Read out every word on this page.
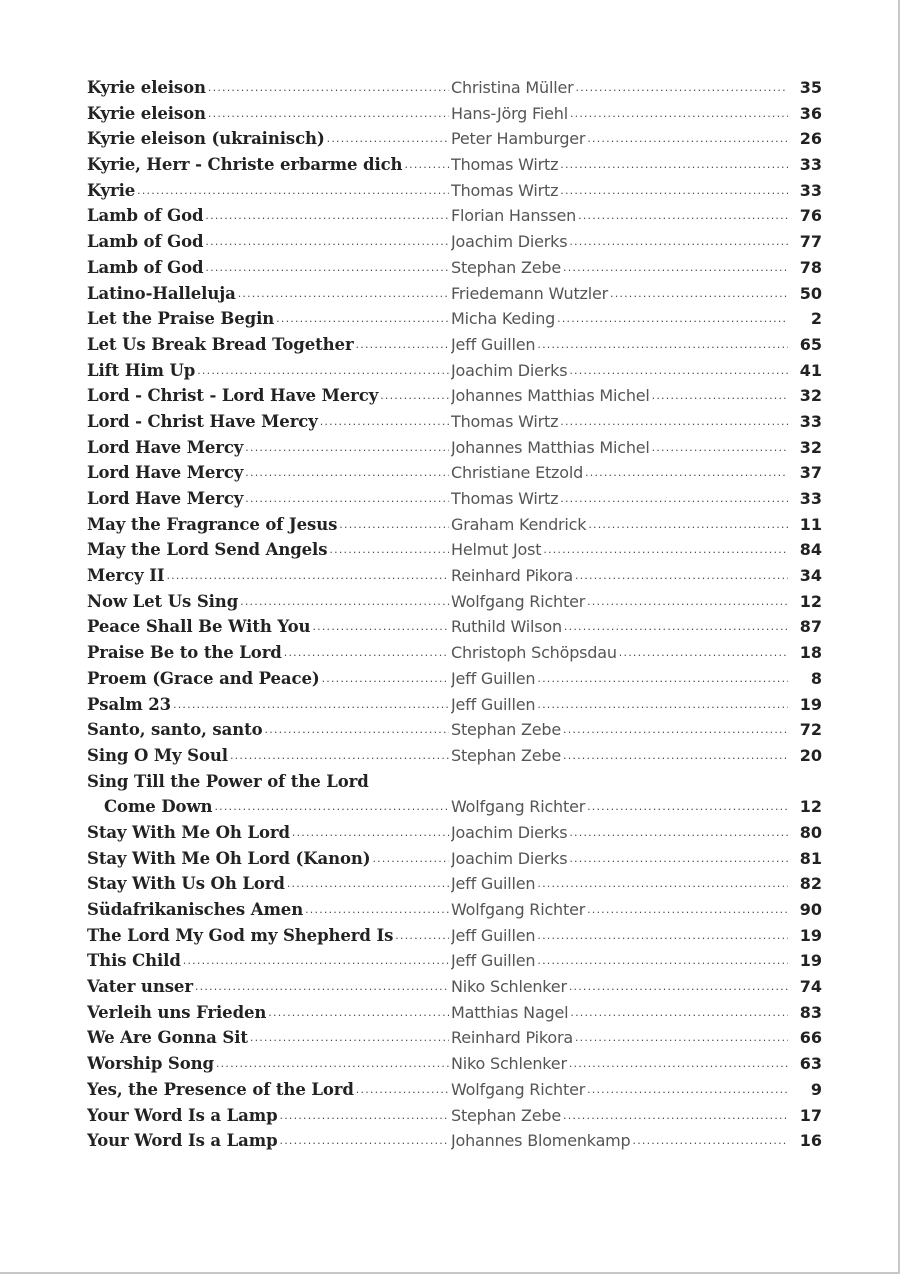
Kyrie eleison .....	Christina Müller .....	35
Kyrie eleison .....	Hans-Jörg Fiehl .....	36
Kyrie eleison (ukrainisch) .....	Peter Hamburger .....	26
Kyrie, Herr - Christe erbarme dich .....	Thomas Wirtz .....	33
Kyrie .....	Thomas Wirtz .....	33
Lamb of God .....	Florian Hanssen .....	76
Lamb of God .....	Joachim Dierks .....	77
Lamb of God .....	Stephan Zebe .....	78
Latino-Halleluja .....	Friedemann Wutzler .....	50
Let the Praise Begin .....	Micha Keding .....	2
Let Us Break Bread Together .....	Jeff Guillen .....	65
Lift Him Up .....	Joachim Dierks .....	41
Lord - Christ - Lord Have Mercy .....	Johannes Matthias Michel .....	32
Lord - Christ Have Mercy .....	Thomas Wirtz .....	33
Lord Have Mercy .....	Johannes Matthias Michel .....	32
Lord Have Mercy .....	Christiane Etzold .....	37
Lord Have Mercy .....	Thomas Wirtz .....	33
May the Fragrance of Jesus .....	Graham Kendrick .....	11
May the Lord Send Angels .....	Helmut Jost .....	84
Mercy II .....	Reinhard Pikora .....	34
Now Let Us Sing .....	Wolfgang Richter .....	12
Peace Shall Be With You .....	Ruthild Wilson .....	87
Praise Be to the Lord .....	Christoph Schöpsdau .....	18
Proem (Grace and Peace) .....	Jeff Guillen .....	8
Psalm 23 .....	Jeff Guillen .....	19
Santo, santo, santo .....	Stephan Zebe .....	72
Sing O My Soul .....	Stephan Zebe .....	20
Sing Till the Power of the Lord
Come Down .....	Wolfgang Richter .....	12
Stay With Me Oh Lord .....	Joachim Dierks .....	80
Stay With Me Oh Lord (Kanon) .....	Joachim Dierks .....	81
Stay With Us Oh Lord .....	Jeff Guillen .....	82
Südafrikanisches Amen .....	Wolfgang Richter .....	90
The Lord My God my Shepherd Is .....	Jeff Guillen .....	19
This Child .....	Jeff Guillen .....	19
Vater unser .....	Niko Schlenker .....	74
Verleih uns Frieden .....	Matthias Nagel .....	83
We Are Gonna Sit .....	Reinhard Pikora .....	66
Worship Song .....	Niko Schlenker .....	63
Yes, the Presence of the Lord .....	Wolfgang Richter .....	9
Your Word Is a Lamp .....	Stephan Zebe .....	17
Your Word Is a Lamp .....	Johannes Blomenkamp .....	16
